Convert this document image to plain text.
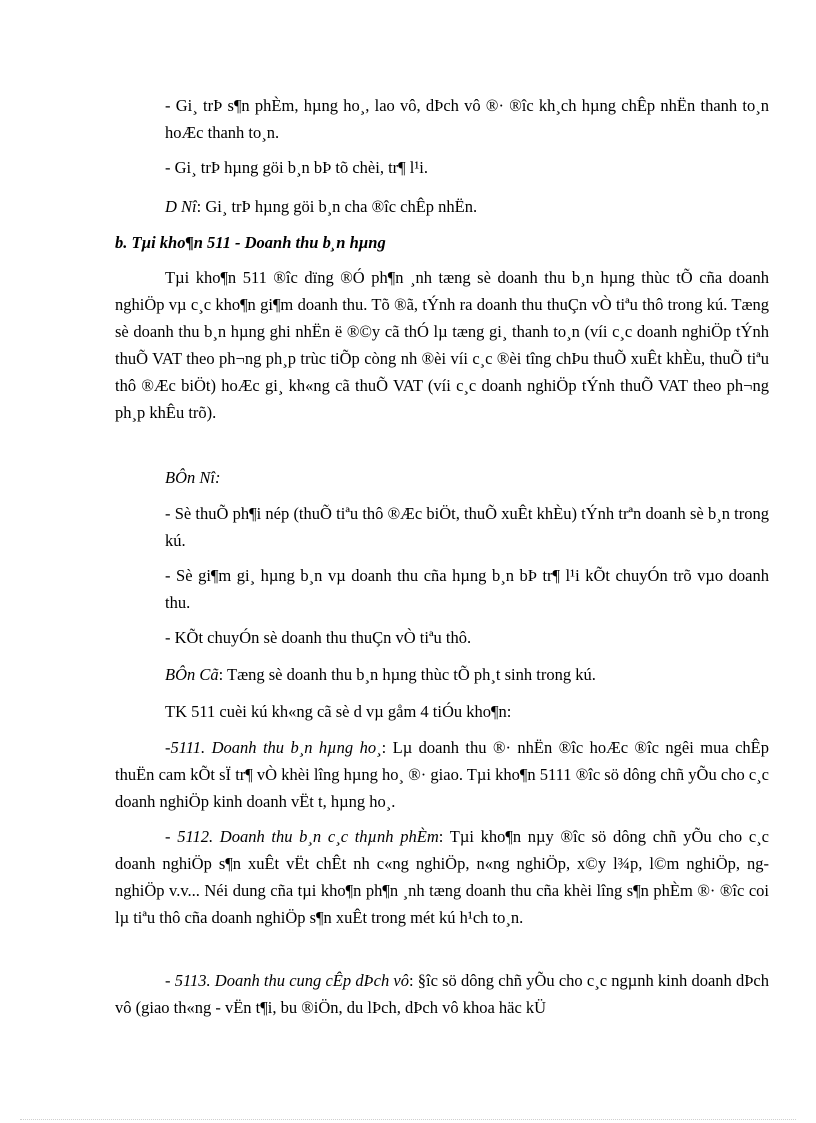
- Gi¸ trÞ s¶n phÈm, hµng ho¸, lao vô, dÞch vô ®· ®îc kh¸ch hµng chÊp nhËn thanh to¸n hoÆc thanh to¸n.

- Gi¸ trÞ hµng göi b¸n bÞ tõ chèi, tr¶ l¹i.

D Nî: Gi¸ trÞ hµng göi b¸n cha ®îc chÊp nhËn.

b. Tµi kho¶n 511 - Doanh thu b¸n hµng

Tµi kho¶n 511 ®îc dïng ®Ó ph¶n ¸nh tæng sè doanh thu b¸n hµng thùc tÕ cña doanh nghiÖp vµ c¸c kho¶n gi¶m doanh thu. Tõ ®ã, tÝnh ra doanh thu thuÇn vÒ tiªu thô trong kú. Tæng sè doanh thu b¸n hµng ghi nhËn ë ®©y cã thÓ lµ tæng gi¸ thanh to¸n (víi c¸c doanh nghiÖp tÝnh thuÕ VAT theo ph¬ng ph¸p trùc tiÕp còng nh ®èi víi c¸c ®èi tîng chÞu thuÕ xuÊt khÈu, thuÕ tiªu thô ®Æc biÖt) hoÆc gi¸ kh«ng cã thuÕ VAT (víi c¸c doanh nghiÖp tÝnh thuÕ VAT theo ph¬ng ph¸p khÊu trõ).

BÔn Nî:

- Sè thuÕ ph¶i nép (thuÕ tiªu thô ®Æc biÖt, thuÕ xuÊt khÈu) tÝnh trªn doanh sè b¸n trong kú.

- Sè gi¶m gi¸ hµng b¸n vµ doanh thu cña hµng b¸n bÞ tr¶ l¹i kÕt chuyÓn trõ vµo doanh thu.

- KÕt chuyÓn sè doanh thu thuÇn vÒ tiªu thô.

BÔn Cã: Tæng sè doanh thu b¸n hµng thùc tÕ ph¸t sinh trong kú.

TK 511 cuèi kú kh«ng cã sè d vµ gåm 4 tiÓu kho¶n:

-5111. Doanh thu b¸n hµng ho¸: Lµ doanh thu ®· nhËn ®îc hoÆc ®îc ngêi mua chÊp thuËn cam kÕt sÏ tr¶ vÒ khèi lîng hµng ho¸ ®· giao. Tµi kho¶n 5111 ®îc sö dông chñ yÕu cho c¸c doanh nghiÖp kinh doanh vËt t, hµng ho¸.

- 5112. Doanh thu b¸n c¸c thµnh phÈm: Tµi kho¶n nµy ®îc sö dông chñ yÕu cho c¸c doanh nghiÖp s¶n xuÊt vËt chÊt nh c«ng nghiÖp, n«ng nghiÖp, x©y l¾p, l©m nghiÖp, ng nghiÖp v.v... Néi dung cña tµi kho¶n ph¶n ¸nh tæng doanh thu cña khèi lîng s¶n phÈm ®· ®îc coi lµ tiªu thô cña doanh nghiÖp s¶n xuÊt trong mét kú h¹ch to¸n.

- 5113. Doanh thu cung cÊp dÞch vô: §îc sö dông chñ yÕu cho c¸c ngµnh kinh doanh dÞch vô (giao th«ng - vËn t¶i, bu ®iÖn, du lÞch, dÞch vô khoa häc kÜ
